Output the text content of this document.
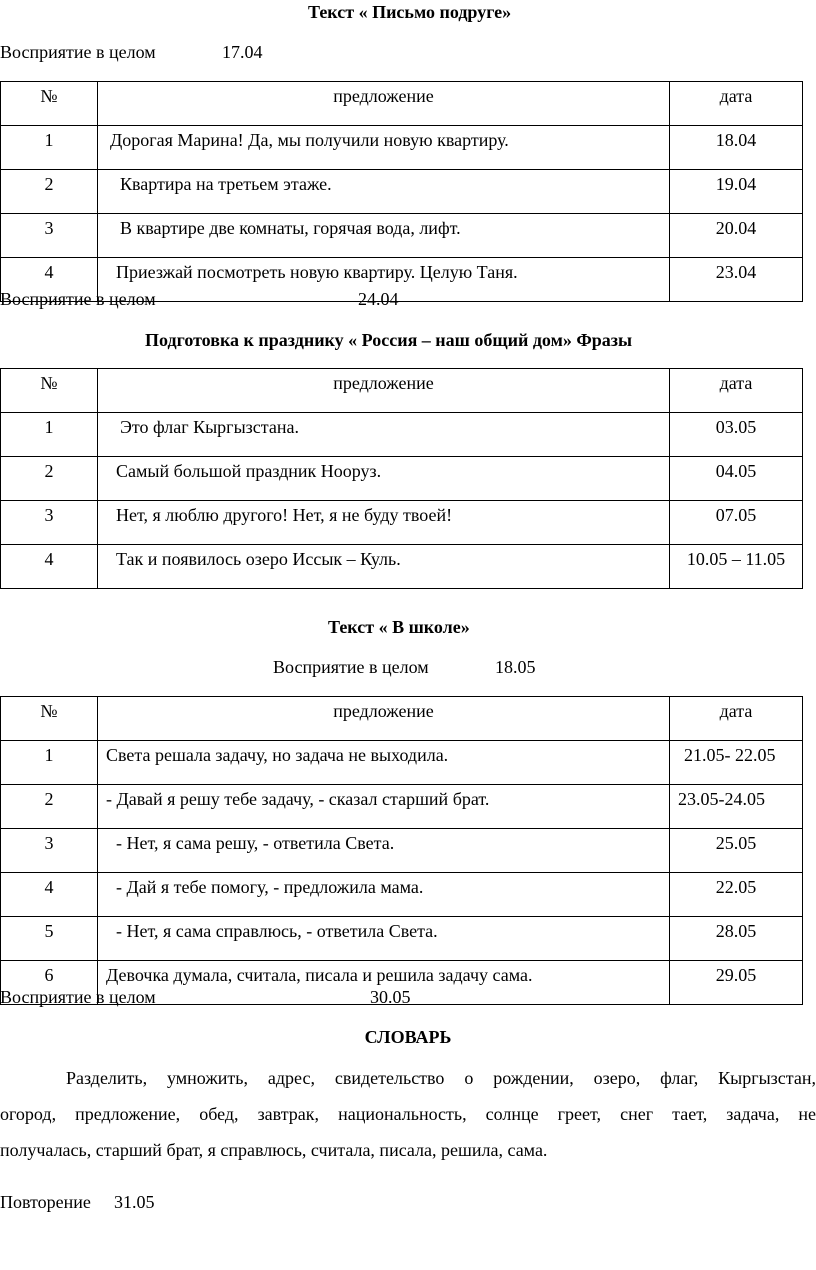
Текст « Письмо подруге»
Восприятие в целом	17.04
№	предложение	дата
1	Дорогая Марина! Да, мы получили новую квартиру.	18.04
2	Квартира на третьем этаже.	19.04
3	В квартире две комнаты, горячая вода, лифт.	20.04
4	Приезжай посмотреть новую квартиру. Целую Таня.	23.04
Восприятие в целом	24.04
Подготовка к празднику « Россия – наш общий дом» Фразы
№	предложение	дата
1	Это флаг Кыргызстана.	03.05
2	Самый большой праздник Нooруз.	04.05
3	Нет, я люблю другого! Нет, я не буду твоей!	07.05
4	Так и появилось озеро Иссык – Куль.	10.05 – 11.05
Текст « В школе»
Восприятие в целом	18.05
№	предложение	дата
1	Света решала задачу, но задача не выходила.	21.05- 22.05
2	- Давай я решу тебе задачу, - сказал старший брат.	23.05-24.05
3	- Нет, я сама решу, - ответила Света.	25.05
4	- Дай я тебе помогу, - предложила мама.	22.05
5	- Нет, я сама справлюсь, - ответила Света.	28.05
6	Девочка думала, считала, писала и решила задачу сама.	29.05
Восприятие в целом	30.05
СЛОВАРЬ
Разделить, умножить, адрес, свидетельство о рождении, озеро, флаг, Кыргызстан,
огород, предложение, обед, завтрак, национальность, солнце греет, снег тает, задача, не
получалась, старший брат, я справлюсь, считала, писала, решила, сама.
Повторение 31.05
